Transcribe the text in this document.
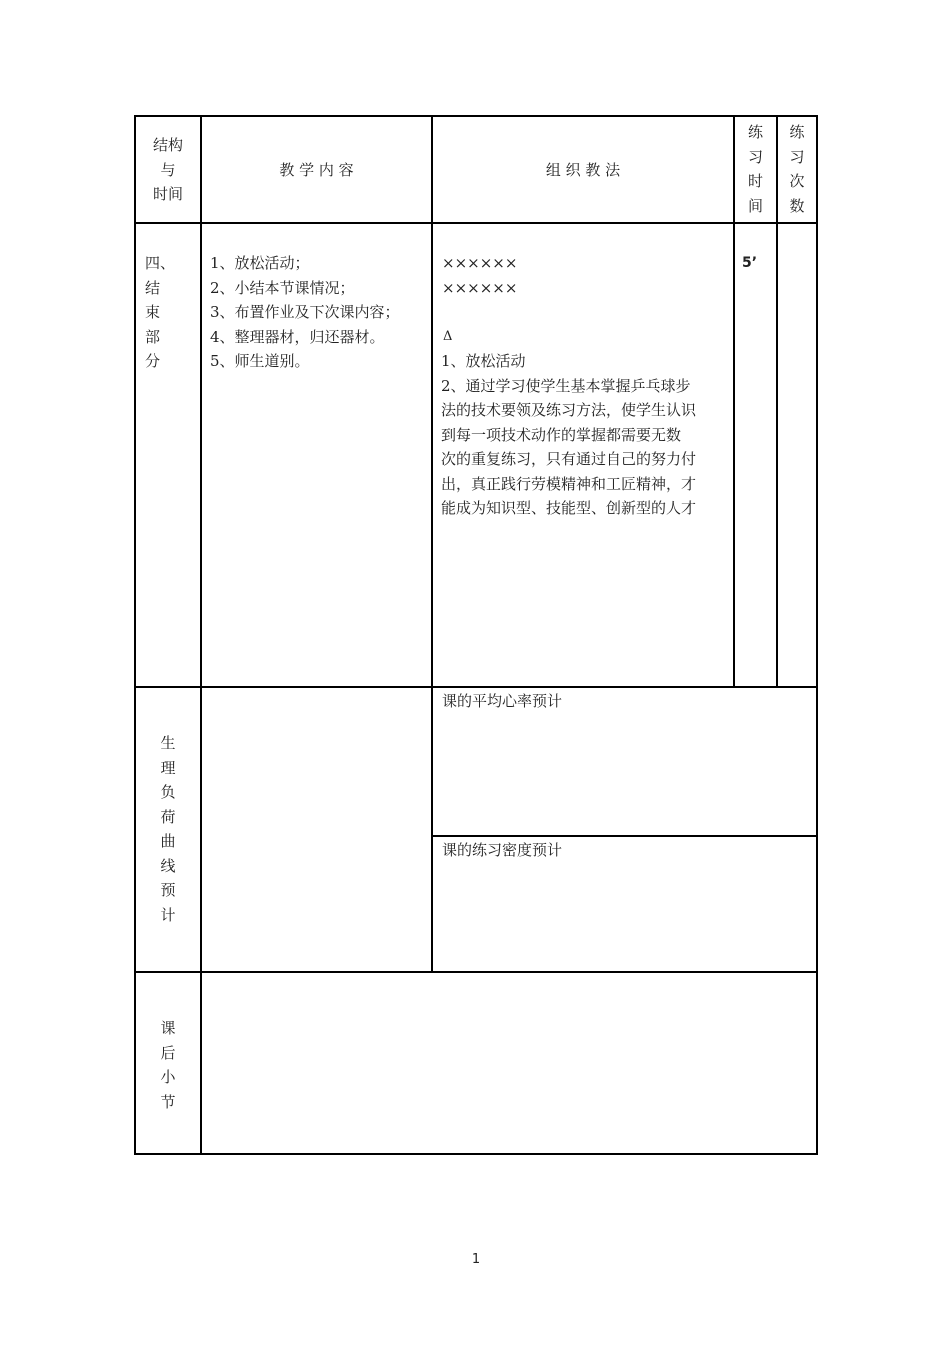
结构
与
时间
教 学 内 容	组 织 教 法
练
习
时
间
练
习
次
数
四、
结
束
部
分
1、放松活动；
2、小结本节课情况；
3、布置作业及下次课内容；
4、整理器材，归还器材。
5、师生道别。
××××××
××××××
Δ
1、放松活动
2、通过学习使学生基本掌握乒乓球步
法的技术要领及练习方法，使学生认识
到每一项技术动作的掌握都需要无数
次的重复练习，只有通过自己的努力付
出，真正践行劳模精神和工匠精神，才
能成为知识型、技能型、创新型的人才
5’
生
理
负
荷
曲
线
预
计
课的平均心率预计
课的练习密度预计
课
后
小
节
1
